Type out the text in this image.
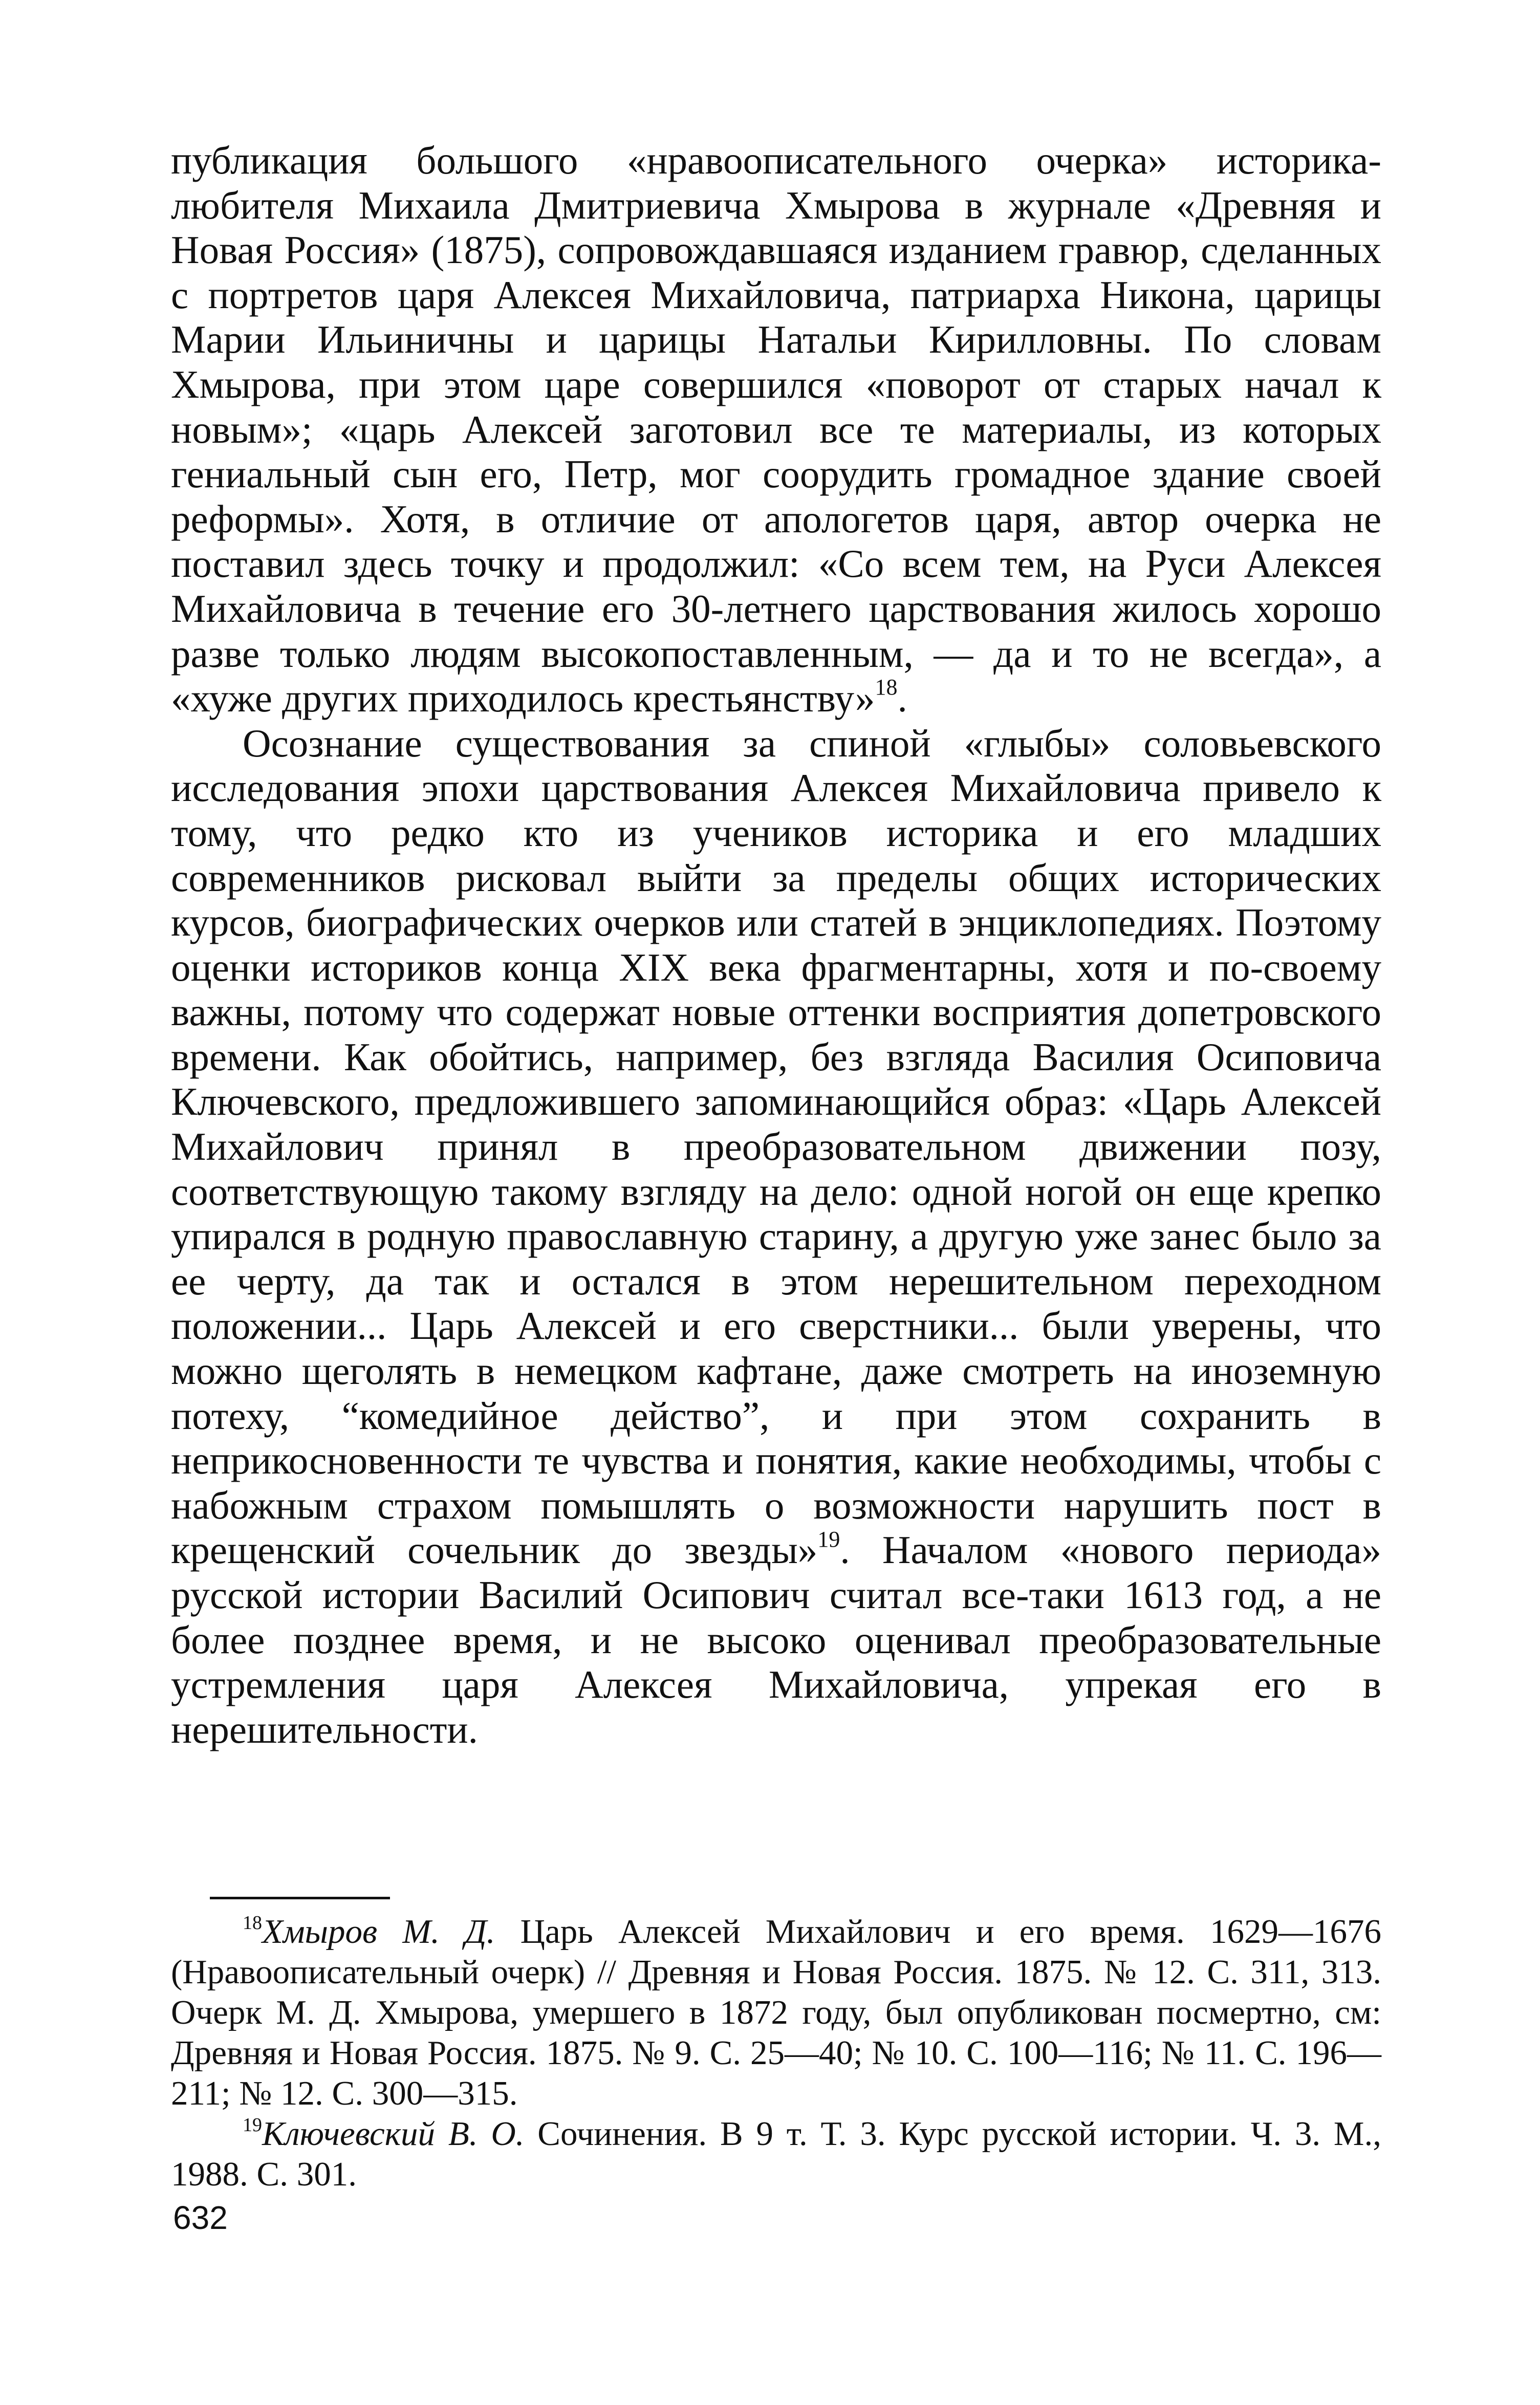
публикация большого «нравоописательного очерка» историка-любителя Михаила Дмитриевича Хмырова в журнале «Древняя и Новая Россия» (1875), сопровождавшаяся изданием гравюр, сделанных с портретов царя Алексея Михайловича, патриарха Никона, царицы Марии Ильиничны и царицы Натальи Кирилловны. По словам Хмырова, при этом царе совершился «поворот от старых начал к новым»; «царь Алексей заготовил все те материалы, из которых гениальный сын его, Петр, мог соорудить громадное здание своей реформы». Хотя, в отличие от апологетов царя, автор очерка не поставил здесь точку и продолжил: «Со всем тем, на Руси Алексея Михайловича в течение его 30-летнего царствования жилось хорошо разве только людям высокопоставленным, — да и то не всегда», а «хуже других приходилось крестьянству»$^{18}$.

Осознание существования за спиной «глыбы» соловьевского исследования эпохи царствования Алексея Михайловича привело к тому, что редко кто из учеников историка и его младших современников рисковал выйти за пределы общих исторических курсов, биографических очерков или статей в энциклопедиях. Поэтому оценки историков конца XIX века фрагментарны, хотя и по-своему важны, потому что содержат новые оттенки восприятия допетровского времени. Как обойтись, например, без взгляда Василия Осиповича Ключевского, предложившего запоминающийся образ: «Царь Алексей Михайлович принял в преобразовательном движении позу, соответствующую такому взгляду на дело: одной ногой он еще крепко упирался в родную православную старину, а другую уже занес было за ее черту, да так и остался в этом нерешительном переходном положении... Царь Алексей и его сверстники... были уверены, что можно щеголять в немецком кафтане, даже смотреть на иноземную потеху, “комедийное действо”, и при этом сохранить в неприкосновенности те чувства и понятия, какие необходимы, чтобы с набожным страхом помышлять о возможности нарушить пост в крещенский сочельник до звезды»$^{19}$. Началом «нового периода» русской истории Василий Осипович считал все-таки 1613 год, а не более позднее время, и не высоко оценивал преобразовательные устремления царя Алексея Михайловича, упрекая его в нерешительности.

$^{18}$Хмыров М. Д. Царь Алексей Михайлович и его время. 1629—1676 (Нравоописательный очерк) // Древняя и Новая Россия. 1875. № 12. С. 311, 313. Очерк М. Д. Хмырова, умершего в 1872 году, был опубликован посмертно, см: Древняя и Новая Россия. 1875. № 9. С. 25—40; № 10. С. 100—116; № 11. С. 196—211; № 12. С. 300—315.

$^{19}$Ключевский В. О. Сочинения. В 9 т. Т. 3. Курс русской истории. Ч. 3. М., 1988. С. 301.

632
